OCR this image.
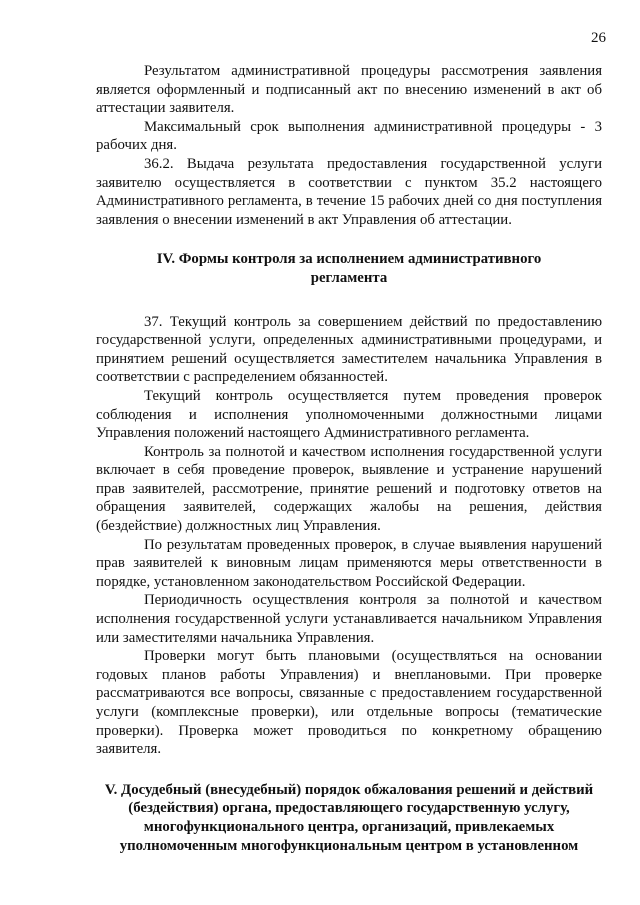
26

Результатом административной процедуры рассмотрения заявления является оформленный и подписанный акт по внесению изменений в акт об аттестации заявителя.

Максимальный срок выполнения административной процедуры - 3 рабочих дня.

36.2. Выдача результата предоставления государственной услуги заявителю осуществляется в соответствии с пунктом 35.2 настоящего Административного регламента, в течение 15 рабочих дней со дня поступления заявления о внесении изменений в акт Управления об аттестации.

IV. Формы контроля за исполнением административного регламента

37. Текущий контроль за совершением действий по предоставлению государственной услуги, определенных административными процедурами, и принятием решений осуществляется заместителем начальника Управления в соответствии с распределением обязанностей.

Текущий контроль осуществляется путем проведения проверок соблюдения и исполнения уполномоченными должностными лицами Управления положений настоящего Административного регламента.

Контроль за полнотой и качеством исполнения государственной услуги включает в себя проведение проверок, выявление и устранение нарушений прав заявителей, рассмотрение, принятие решений и подготовку ответов на обращения заявителей, содержащих жалобы на решения, действия (бездействие) должностных лиц Управления.

По результатам проведенных проверок, в случае выявления нарушений прав заявителей к виновным лицам применяются меры ответственности в порядке, установленном законодательством Российской Федерации.

Периодичность осуществления контроля за полнотой и качеством исполнения государственной услуги устанавливается начальником Управления или заместителями начальника Управления.

Проверки могут быть плановыми (осуществляться на основании годовых планов работы Управления) и внеплановыми. При проверке рассматриваются все вопросы, связанные с предоставлением государственной услуги (комплексные проверки), или отдельные вопросы (тематические проверки). Проверка может проводиться по конкретному обращению заявителя.

V. Досудебный (внесудебный) порядок обжалования решений и действий (бездействия) органа, предоставляющего государственную услугу, многофункционального центра, организаций, привлекаемых уполномоченным многофункциональным центром в установленном
